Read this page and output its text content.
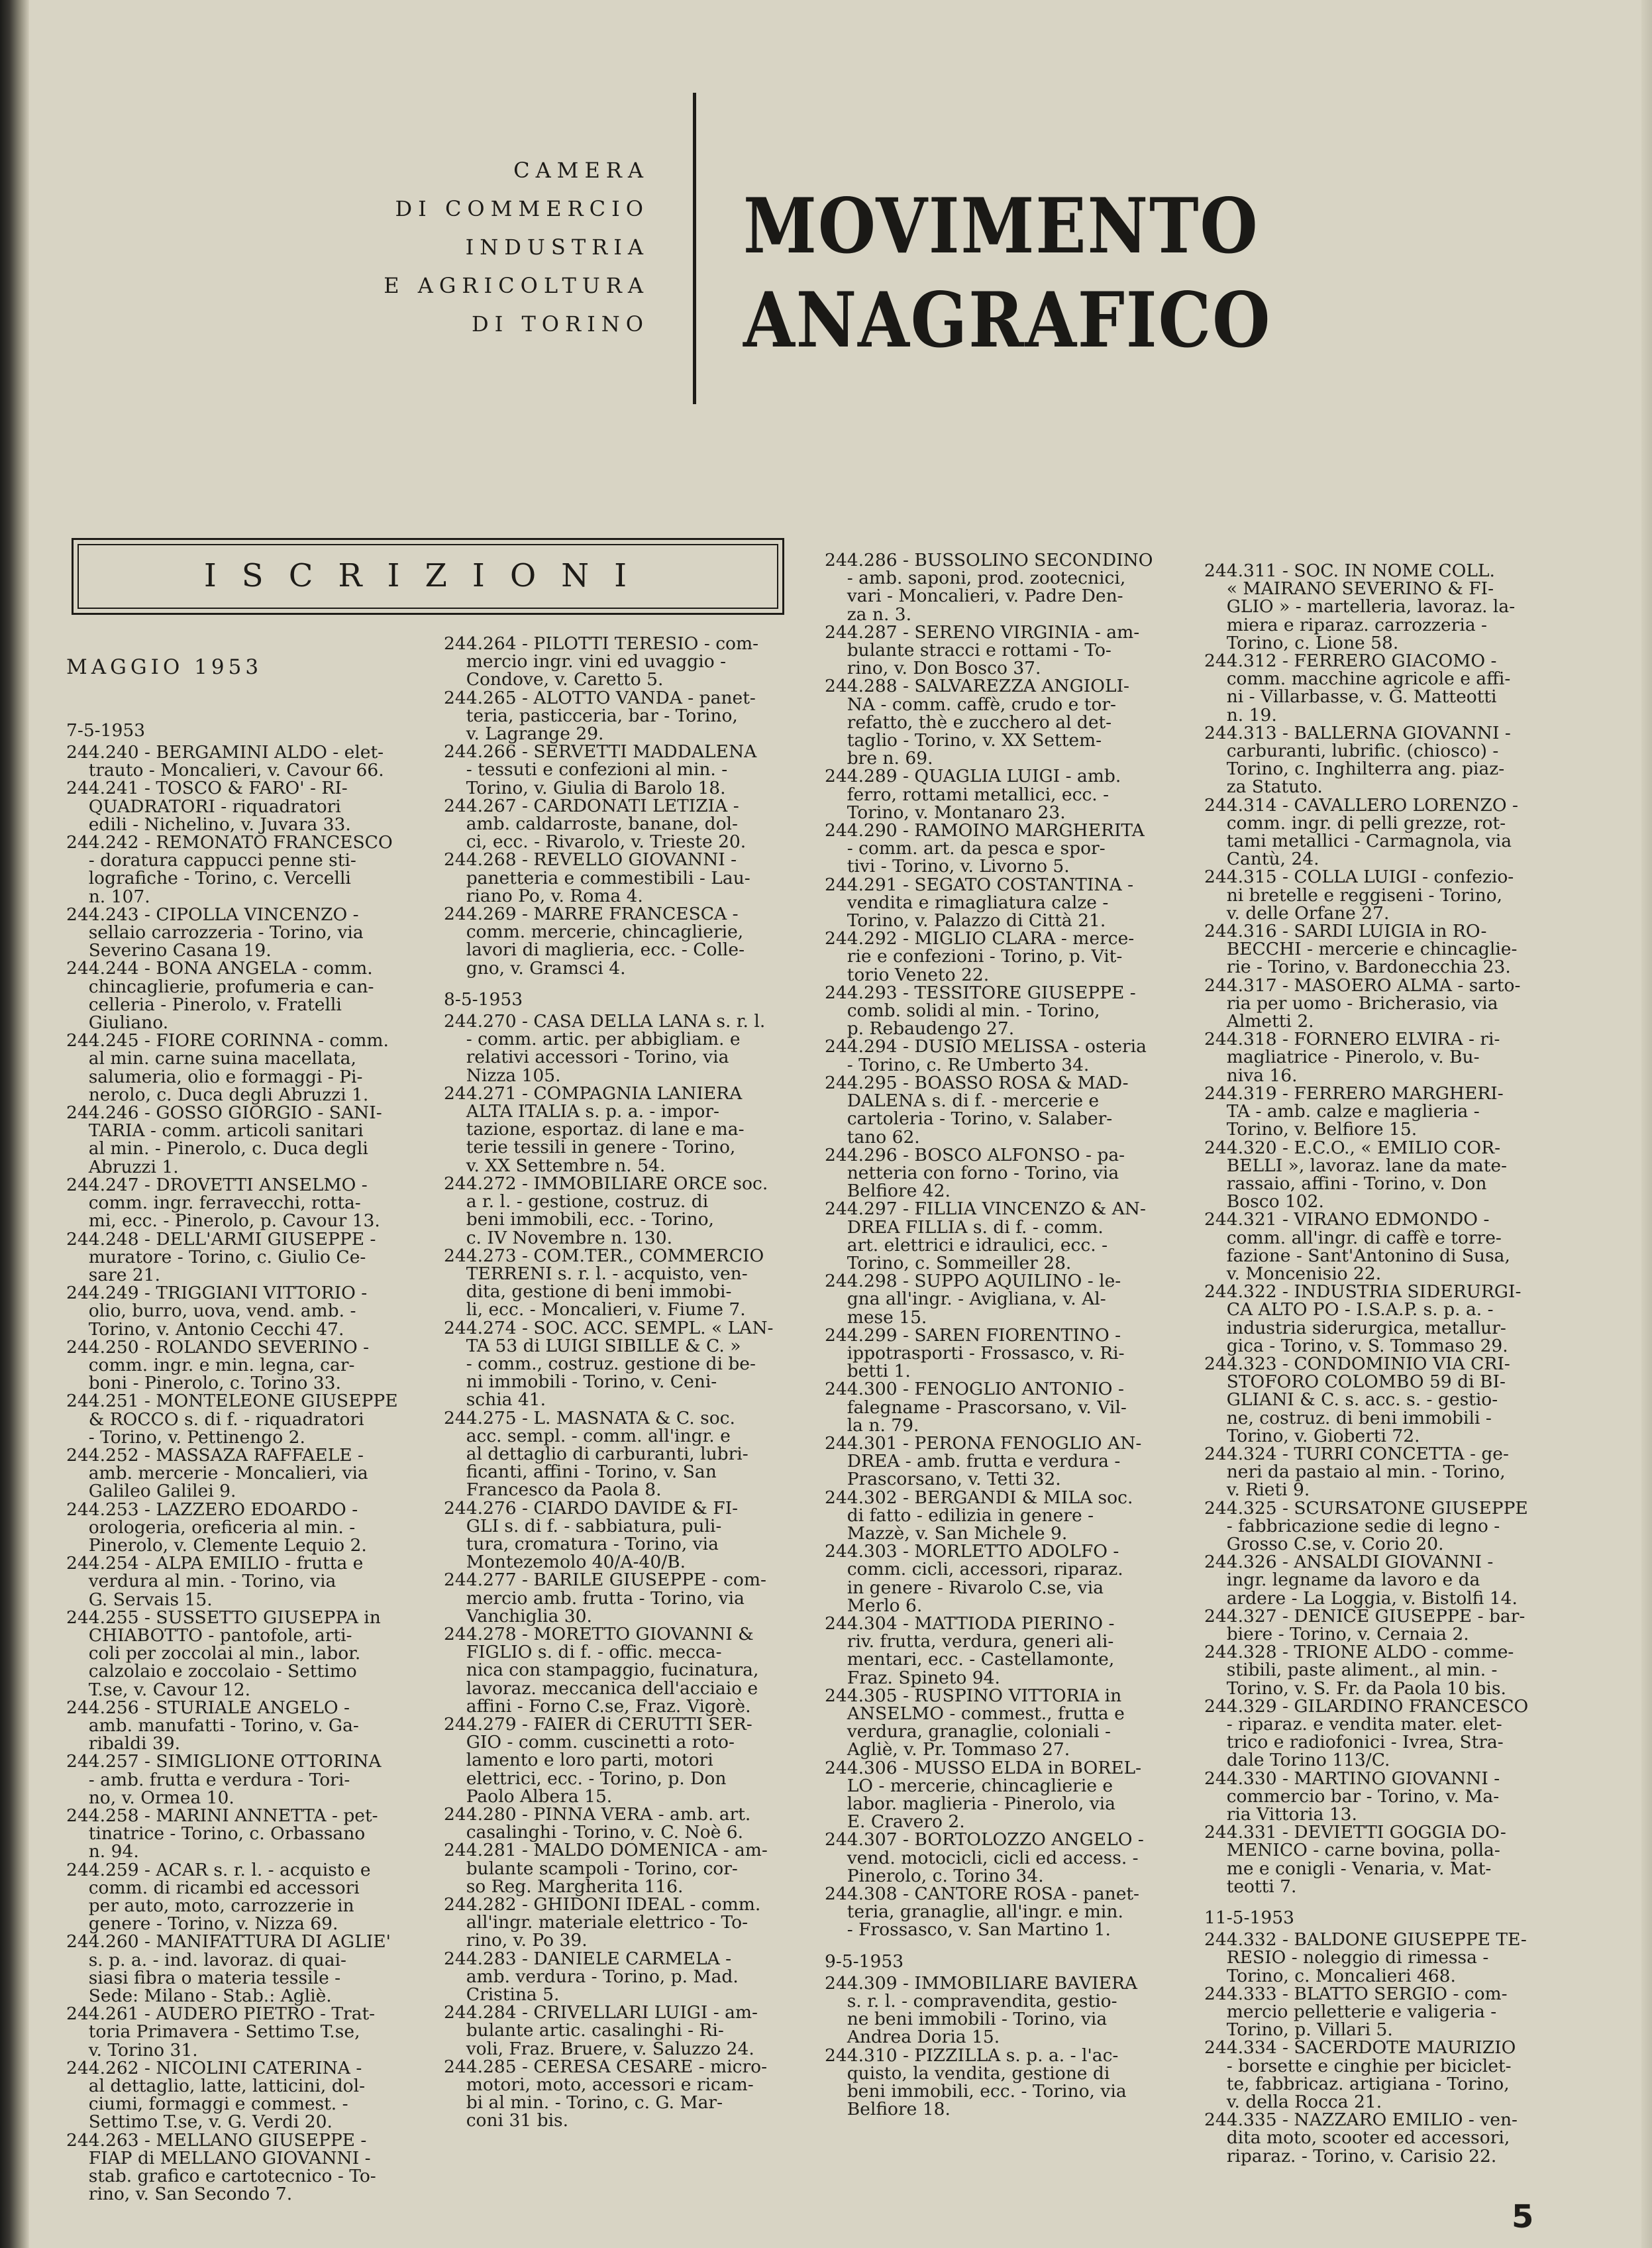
CAMERA
DI COMMERCIO
INDUSTRIA
E AGRICOLTURA
DI TORINO
MOVIMENTO
ANAGRAFICO
ISCRIZIONI

MAGGIO 1953

7-5-1953
244.240 - BERGAMINI ALDO - elet-
trauto - Moncalieri, v. Cavour 66.
244.241 - TOSCO & FARO' - RI-
QUADRATORI - riquadratori
edili - Nichelino, v. Juvara 33.
244.242 - REMONATO FRANCESCO
- doratura cappucci penne sti-
lografiche - Torino, c. Vercelli
n. 107.
244.243 - CIPOLLA VINCENZO -
sellaio carrozzeria - Torino, via
Severino Casana 19.
244.244 - BONA ANGELA - comm.
chincaglierie, profumeria e can-
celleria - Pinerolo, v. Fratelli
Giuliano.
244.245 - FIORE CORINNA - comm.
al min. carne suina macellata,
salumeria, olio e formaggi - Pi-
nerolo, c. Duca degli Abruzzi 1.
244.246 - GOSSO GIORGIO - SANI-
TARIA - comm. articoli sanitari
al min. - Pinerolo, c. Duca degli
Abruzzi 1.
244.247 - DROVETTI ANSELMO -
comm. ingr. ferravecchi, rotta-
mi, ecc. - Pinerolo, p. Cavour 13.
244.248 - DELL'ARMI GIUSEPPE -
muratore - Torino, c. Giulio Ce-
sare 21.
244.249 - TRIGGIANI VITTORIO -
olio, burro, uova, vend. amb. -
Torino, v. Antonio Cecchi 47.
244.250 - ROLANDO SEVERINO -
comm. ingr. e min. legna, car-
boni - Pinerolo, c. Torino 33.
244.251 - MONTELEONE GIUSEPPE
& ROCCO s. di f. - riquadratori
- Torino, v. Pettinengo 2.
244.252 - MASSAZA RAFFAELE -
amb. mercerie - Moncalieri, via
Galileo Galilei 9.
244.253 - LAZZERO EDOARDO -
orologeria, oreficeria al min. -
Pinerolo, v. Clemente Lequio 2.
244.254 - ALPA EMILIO - frutta e
verdura al min. - Torino, via
G. Servais 15.
244.255 - SUSSETTO GIUSEPPA in
CHIABOTTO - pantofole, arti-
coli per zoccolai al min., labor.
calzolaio e zoccolaio - Settimo
T.se, v. Cavour 12.
244.256 - STURIALE ANGELO -
amb. manufatti - Torino, v. Ga-
ribaldi 39.
244.257 - SIMIGLIONE OTTORINA
- amb. frutta e verdura - Tori-
no, v. Ormea 10.
244.258 - MARINI ANNETTA - pet-
tinatrice - Torino, c. Orbassano
n. 94.
244.259 - ACAR s. r. l. - acquisto e
comm. di ricambi ed accessori
per auto, moto, carrozzerie in
genere - Torino, v. Nizza 69.
244.260 - MANIFATTURA DI AGLIE'
s. p. a. - ind. lavoraz. di quai-
siasi fibra o materia tessile -
Sede: Milano - Stab.: Agliè.
244.261 - AUDERO PIETRO - Trat-
toria Primavera - Settimo T.se,
v. Torino 31.
244.262 - NICOLINI CATERINA -
al dettaglio, latte, latticini, dol-
ciumi, formaggi e commest. -
Settimo T.se, v. G. Verdi 20.
244.263 - MELLANO GIUSEPPE -
FIAP di MELLANO GIOVANNI -
stab. grafico e cartotecnico - To-
rino, v. San Secondo 7.
244.264 - PILOTTI TERESIO - com-
mercio ingr. vini ed uvaggio -
Condove, v. Caretto 5.
244.265 - ALOTTO VANDA - panet-
teria, pasticceria, bar - Torino,
v. Lagrange 29.
244.266 - SERVETTI MADDALENA
- tessuti e confezioni al min. -
Torino, v. Giulia di Barolo 18.
244.267 - CARDONATI LETIZIA -
amb. caldarroste, banane, dol-
ci, ecc. - Rivarolo, v. Trieste 20.
244.268 - REVELLO GIOVANNI -
panetteria e commestibili - Lau-
riano Po, v. Roma 4.
244.269 - MARRE FRANCESCA -
comm. mercerie, chincaglierie,
lavori di maglieria, ecc. - Colle-
gno, v. Gramsci 4.
8-5-1953
244.270 - CASA DELLA LANA s. r. l.
- comm. artic. per abbigliam. e
relativi accessori - Torino, via
Nizza 105.
244.271 - COMPAGNIA LANIERA
ALTA ITALIA s. p. a. - impor-
tazione, esportaz. di lane e ma-
terie tessili in genere - Torino,
v. XX Settembre n. 54.
244.272 - IMMOBILIARE ORCE soc.
a r. l. - gestione, costruz. di
beni immobili, ecc. - Torino,
c. IV Novembre n. 130.
244.273 - COM.TER., COMMERCIO
TERRENI s. r. l. - acquisto, ven-
dita, gestione di beni immobi-
li, ecc. - Moncalieri, v. Fiume 7.
244.274 - SOC. ACC. SEMPL. « LAN-
TA 53 di LUIGI SIBILLE & C. »
- comm., costruz. gestione di be-
ni immobili - Torino, v. Ceni-
schia 41.
244.275 - L. MASNATA & C. soc.
acc. sempl. - comm. all'ingr. e
al dettaglio di carburanti, lubri-
ficanti, affini - Torino, v. San
Francesco da Paola 8.
244.276 - CIARDO DAVIDE & FI-
GLI s. di f. - sabbiatura, puli-
tura, cromatura - Torino, via
Montezemolo 40/A-40/B.
244.277 - BARILE GIUSEPPE - com-
mercio amb. frutta - Torino, via
Vanchiglia 30.
244.278 - MORETTO GIOVANNI &
FIGLIO s. di f. - offic. mecca-
nica con stampaggio, fucinatura,
lavoraz. meccanica dell'acciaio e
affini - Forno C.se, Fraz. Vigorè.
244.279 - FAIER di CERUTTI SER-
GIO - comm. cuscinetti a roto-
lamento e loro parti, motori
elettrici, ecc. - Torino, p. Don
Paolo Albera 15.
244.280 - PINNA VERA - amb. art.
casalinghi - Torino, v. C. Noè 6.
244.281 - MALDO DOMENICA - am-
bulante scampoli - Torino, cor-
so Reg. Margherita 116.
244.282 - GHIDONI IDEAL - comm.
all'ingr. materiale elettrico - To-
rino, v. Po 39.
244.283 - DANIELE CARMELA -
amb. verdura - Torino, p. Mad.
Cristina 5.
244.284 - CRIVELLARI LUIGI - am-
bulante artic. casalinghi - Ri-
voli, Fraz. Bruere, v. Saluzzo 24.
244.285 - CERESA CESARE - micro-
motori, moto, accessori e ricam-
bi al min. - Torino, c. G. Mar-
coni 31 bis.
244.286 - BUSSOLINO SECONDINO
- amb. saponi, prod. zootecnici,
vari - Moncalieri, v. Padre Den-
za n. 3.
244.287 - SERENO VIRGINIA - am-
bulante stracci e rottami - To-
rino, v. Don Bosco 37.
244.288 - SALVAREZZA ANGIOLI-
NA - comm. caffè, crudo e tor-
refatto, thè e zucchero al det-
taglio - Torino, v. XX Settem-
bre n. 69.
244.289 - QUAGLIA LUIGI - amb.
ferro, rottami metallici, ecc. -
Torino, v. Montanaro 23.
244.290 - RAMOINO MARGHERITA
- comm. art. da pesca e spor-
tivi - Torino, v. Livorno 5.
244.291 - SEGATO COSTANTINA -
vendita e rimagliatura calze -
Torino, v. Palazzo di Città 21.
244.292 - MIGLIO CLARA - merce-
rie e confezioni - Torino, p. Vit-
torio Veneto 22.
244.293 - TESSITORE GIUSEPPE -
comb. solidi al min. - Torino,
p. Rebaudengo 27.
244.294 - DUSIO MELISSA - osteria
- Torino, c. Re Umberto 34.
244.295 - BOASSO ROSA & MAD-
DALENA s. di f. - mercerie e
cartoleria - Torino, v. Salaber-
tano 62.
244.296 - BOSCO ALFONSO - pa-
netteria con forno - Torino, via
Belfiore 42.
244.297 - FILLIA VINCENZO & AN-
DREA FILLIA s. di f. - comm.
art. elettrici e idraulici, ecc. -
Torino, c. Sommeiller 28.
244.298 - SUPPO AQUILINO - le-
gna all'ingr. - Avigliana, v. Al-
mese 15.
244.299 - SAREN FIORENTINO -
ippotrasporti - Frossasco, v. Ri-
betti 1.
244.300 - FENOGLIO ANTONIO -
falegname - Prascorsano, v. Vil-
la n. 79.
244.301 - PERONA FENOGLIO AN-
DREA - amb. frutta e verdura -
Prascorsano, v. Tetti 32.
244.302 - BERGANDI & MILA soc.
di fatto - edilizia in genere -
Mazzè, v. San Michele 9.
244.303 - MORLETTO ADOLFO -
comm. cicli, accessori, riparaz.
in genere - Rivarolo C.se, via
Merlo 6.
244.304 - MATTIODA PIERINO -
riv. frutta, verdura, generi ali-
mentari, ecc. - Castellamonte,
Fraz. Spineto 94.
244.305 - RUSPINO VITTORIA in
ANSELMO - commest., frutta e
verdura, granaglie, coloniali -
Agliè, v. Pr. Tommaso 27.
244.306 - MUSSO ELDA in BOREL-
LO - mercerie, chincaglierie e
labor. maglieria - Pinerolo, via
E. Cravero 2.
244.307 - BORTOLOZZO ANGELO -
vend. motocicli, cicli ed access. -
Pinerolo, c. Torino 34.
244.308 - CANTORE ROSA - panet-
teria, granaglie, all'ingr. e min.
- Frossasco, v. San Martino 1.
9-5-1953
244.309 - IMMOBILIARE BAVIERA
s. r. l. - compravendita, gestio-
ne beni immobili - Torino, via
Andrea Doria 15.
244.310 - PIZZILLA s. p. a. - l'ac-
quisto, la vendita, gestione di
beni immobili, ecc. - Torino, via
Belfiore 18.
244.311 - SOC. IN NOME COLL.
« MAIRANO SEVERINO & FI-
GLIO » - martelleria, lavoraz. la-
miera e riparaz. carrozzeria -
Torino, c. Lione 58.
244.312 - FERRERO GIACOMO -
comm. macchine agricole e affi-
ni - Villarbasse, v. G. Matteotti
n. 19.
244.313 - BALLERNA GIOVANNI -
carburanti, lubrific. (chiosco) -
Torino, c. Inghilterra ang. piaz-
za Statuto.
244.314 - CAVALLERO LORENZO -
comm. ingr. di pelli grezze, rot-
tami metallici - Carmagnola, via
Cantù, 24.
244.315 - COLLA LUIGI - confezio-
ni bretelle e reggiseni - Torino,
v. delle Orfane 27.
244.316 - SARDI LUIGIA in RO-
BECCHI - mercerie e chincaglie-
rie - Torino, v. Bardonecchia 23.
244.317 - MASOERO ALMA - sarto-
ria per uomo - Bricherasio, via
Almetti 2.
244.318 - FORNERO ELVIRA - ri-
magliatrice - Pinerolo, v. Bu-
niva 16.
244.319 - FERRERO MARGHERI-
TA - amb. calze e maglieria -
Torino, v. Belfiore 15.
244.320 - E.C.O., « EMILIO COR-
BELLI », lavoraz. lane da mate-
rassaio, affini - Torino, v. Don
Bosco 102.
244.321 - VIRANO EDMONDO -
comm. all'ingr. di caffè e torre-
fazione - Sant'Antonino di Susa,
v. Moncenisio 22.
244.322 - INDUSTRIA SIDERURGI-
CA ALTO PO - I.S.A.P. s. p. a. -
industria siderurgica, metallur-
gica - Torino, v. S. Tommaso 29.
244.323 - CONDOMINIO VIA CRI-
STOFORO COLOMBO 59 di BI-
GLIANI & C. s. acc. s. - gestio-
ne, costruz. di beni immobili -
Torino, v. Gioberti 72.
244.324 - TURRI CONCETTA - ge-
neri da pastaio al min. - Torino,
v. Rieti 9.
244.325 - SCURSATONE GIUSEPPE
- fabbricazione sedie di legno -
Grosso C.se, v. Corio 20.
244.326 - ANSALDI GIOVANNI -
ingr. legname da lavoro e da
ardere - La Loggia, v. Bistolfi 14.
244.327 - DENICE GIUSEPPE - bar-
biere - Torino, v. Cernaia 2.
244.328 - TRIONE ALDO - comme-
stibili, paste aliment., al min. -
Torino, v. S. Fr. da Paola 10 bis.
244.329 - GILARDINO FRANCESCO
- riparaz. e vendita mater. elet-
trico e radiofonici - Ivrea, Stra-
dale Torino 113/C.
244.330 - MARTINO GIOVANNI -
commercio bar - Torino, v. Ma-
ria Vittoria 13.
244.331 - DEVIETTI GOGGIA DO-
MENICO - carne bovina, polla-
me e conigli - Venaria, v. Mat-
teotti 7.
11-5-1953
244.332 - BALDONE GIUSEPPE TE-
RESIO - noleggio di rimessa -
Torino, c. Moncalieri 468.
244.333 - BLATTO SERGIO - com-
mercio pelletterie e valigeria -
Torino, p. Villari 5.
244.334 - SACERDOTE MAURIZIO
- borsette e cinghie per biciclet-
te, fabbricaz. artigiana - Torino,
v. della Rocca 21.
244.335 - NAZZARO EMILIO - ven-
dita moto, scooter ed accessori,
riparaz. - Torino, v. Carisio 22.
5
